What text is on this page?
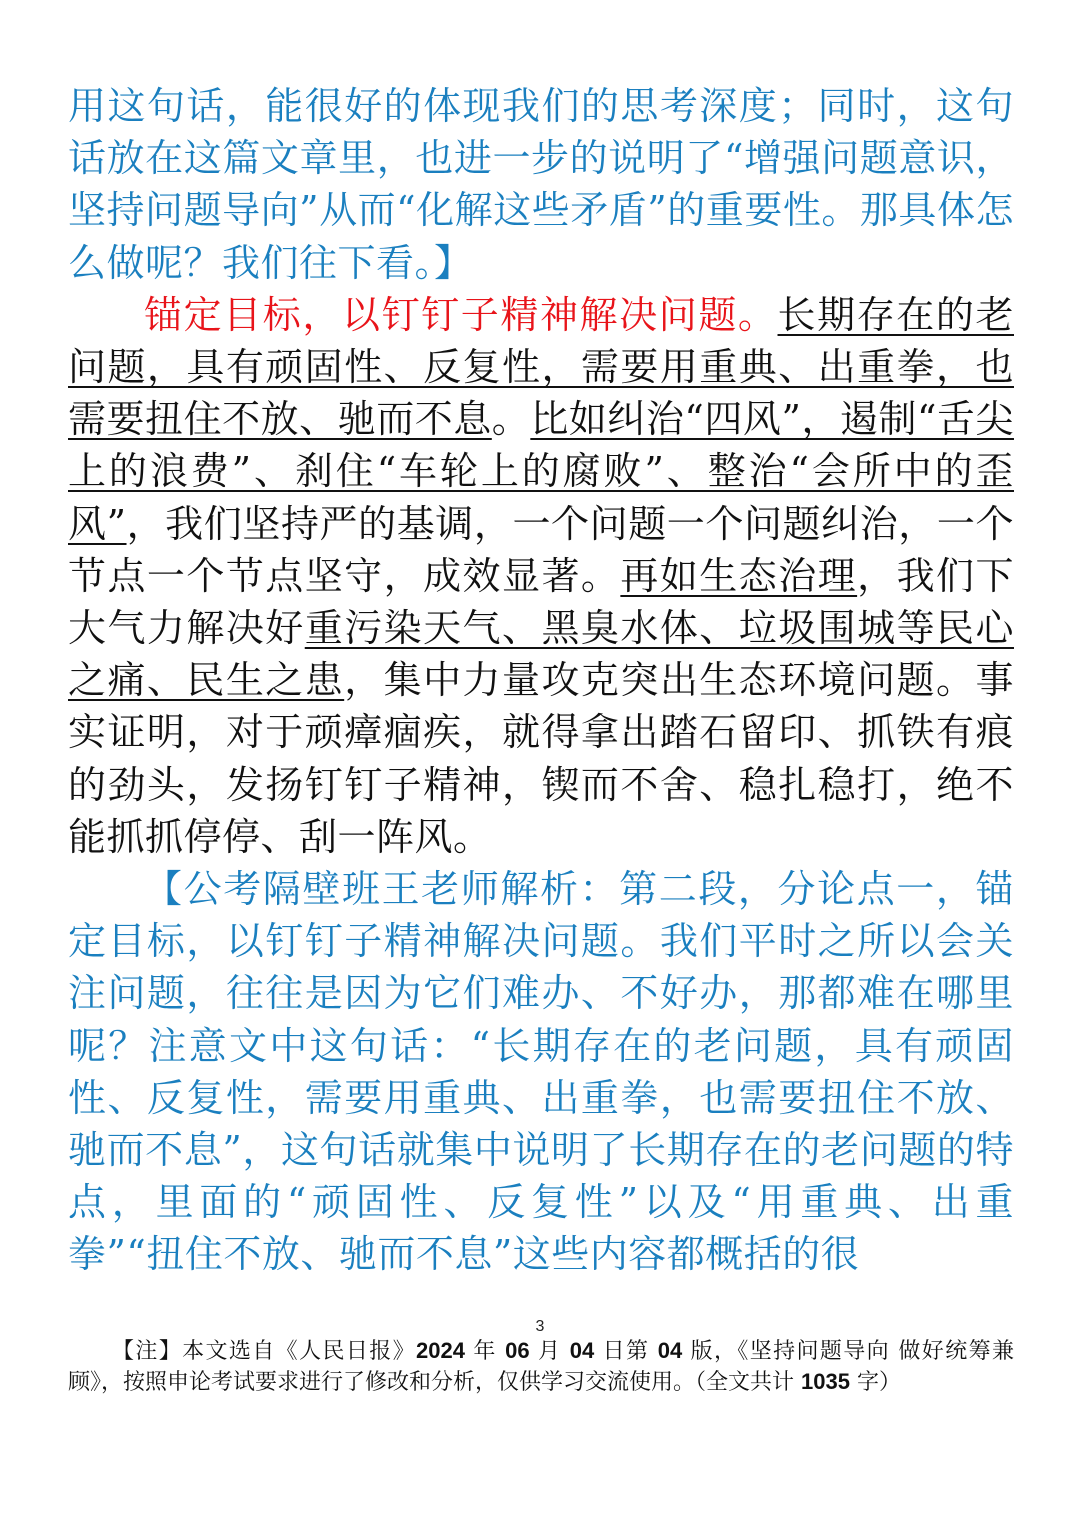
用这句话，能很好的体现我们的思考深度；同时，这句话放在这篇文章里，也进一步的说明了“增强问题意识，坚持问题导向”从而“化解这些矛盾”的重要性。那具体怎么做呢？我们往下看。】

锚定目标，以钉钉子精神解决问题。长期存在的老问题，具有顽固性、反复性，需要用重典、出重拳，也需要扭住不放、驰而不息。比如纠治“四风”，遏制“舌尖上的浪费”、刹住“车轮上的腐败”、整治“会所中的歪风”，我们坚持严的基调，一个问题一个问题纠治，一个节点一个节点坚守，成效显著。再如生态治理，我们下大气力解决好重污染天气、黑臭水体、垃圾围城等民心之痛、民生之患，集中力量攻克突出生态环境问题。事实证明，对于顽瘴痼疾，就得拿出踏石留印、抓铁有痕的劲头，发扬钉钉子精神，锲而不舍、稳扎稳打，绝不能抓抓停停、刮一阵风。

【公考隔壁班王老师解析：第二段，分论点一，锚定目标，以钉钉子精神解决问题。我们平时之所以会关注问题，往往是因为它们难办、不好办，那都难在哪里呢？注意文中这句话：“长期存在的老问题，具有顽固性、反复性，需要用重典、出重拳，也需要扭住不放、驰而不息”，这句话就集中说明了长期存在的老问题的特点，里面的“顽固性、反复性”以及“用重典、出重拳”“扭住不放、驰而不息”这些内容都概括的很

3
【注】本文选自《人民日报》2024 年 06 月 04 日第 04 版，《坚持问题导向 做好统筹兼顾》，按照申论考试要求进行了修改和分析，仅供学习交流使用。（全文共计 1035 字）
